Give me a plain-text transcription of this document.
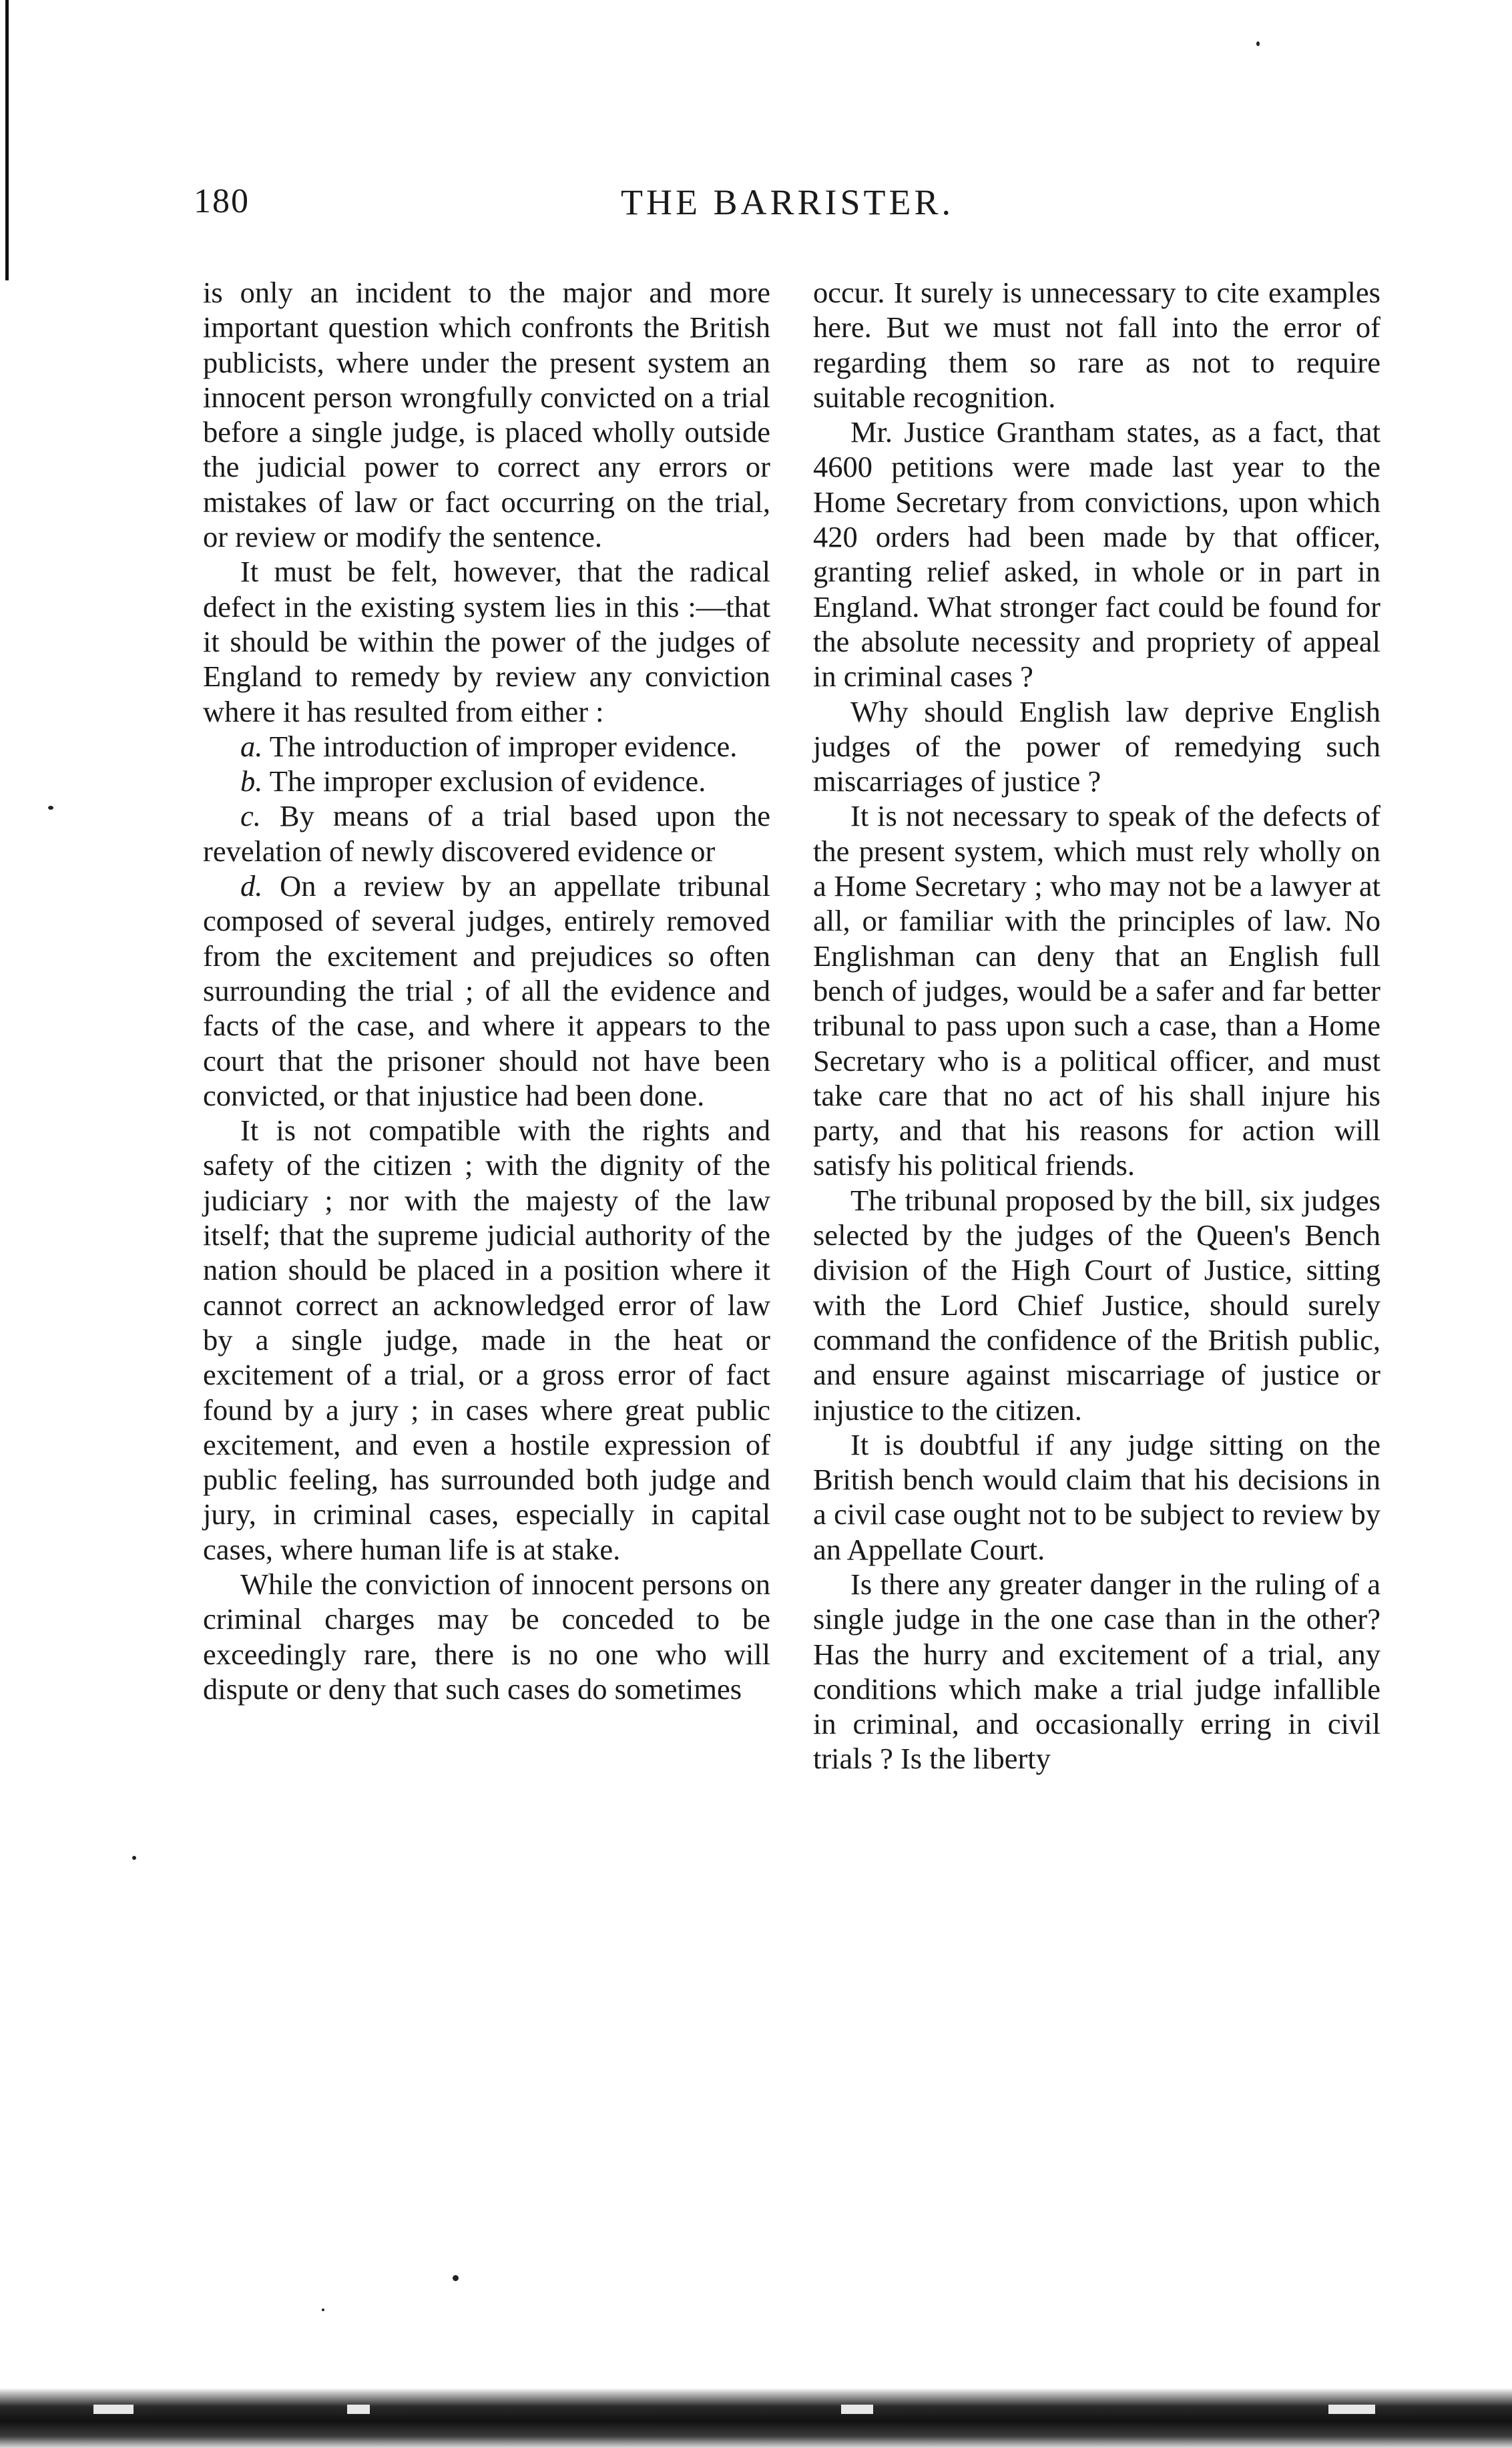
180	THE BARRISTER.

is only an incident to the major and more important question which confronts the British publicists, where under the present system an innocent person wrongfully convicted on a trial before a single judge, is placed wholly outside the judicial power to correct any errors or mistakes of law or fact occurring on the trial, or review or modify the sentence.

It must be felt, however, that the radical defect in the existing system lies in this :—that it should be within the power of the judges of England to remedy by review any conviction where it has resulted from either :

a. The introduction of improper evidence.

b. The improper exclusion of evidence.

c. By means of a trial based upon the revelation of newly discovered evidence or

d. On a review by an appellate tribunal composed of several judges, entirely removed from the excitement and prejudices so often surrounding the trial ; of all the evidence and facts of the case, and where it appears to the court that the prisoner should not have been convicted, or that injustice had been done.

It is not compatible with the rights and safety of the citizen ; with the dignity of the judiciary ; nor with the majesty of the law itself; that the supreme judicial authority of the nation should be placed in a position where it cannot correct an acknowledged error of law by a single judge, made in the heat or excitement of a trial, or a gross error of fact found by a jury ; in cases where great public excitement, and even a hostile expression of public feeling, has surrounded both judge and jury, in criminal cases, especially in capital cases, where human life is at stake.

While the conviction of innocent persons on criminal charges may be conceded to be exceedingly rare, there is no one who will dispute or deny that such cases do sometimes

occur. It surely is unnecessary to cite examples here. But we must not fall into the error of regarding them so rare as not to require suitable recognition.

Mr. Justice Grantham states, as a fact, that 4600 petitions were made last year to the Home Secretary from convictions, upon which 420 orders had been made by that officer, granting relief asked, in whole or in part in England. What stronger fact could be found for the absolute necessity and propriety of appeal in criminal cases ?

Why should English law deprive English judges of the power of remedying such miscarriages of justice ?

It is not necessary to speak of the defects of the present system, which must rely wholly on a Home Secretary ; who may not be a lawyer at all, or familiar with the principles of law. No Englishman can deny that an English full bench of judges, would be a safer and far better tribunal to pass upon such a case, than a Home Secretary who is a political officer, and must take care that no act of his shall injure his party, and that his reasons for action will satisfy his political friends.

The tribunal proposed by the bill, six judges selected by the judges of the Queen's Bench division of the High Court of Justice, sitting with the Lord Chief Justice, should surely command the confidence of the British public, and ensure against miscarriage of justice or injustice to the citizen.

It is doubtful if any judge sitting on the British bench would claim that his decisions in a civil case ought not to be subject to review by an Appellate Court.

Is there any greater danger in the ruling of a single judge in the one case than in the other? Has the hurry and excitement of a trial, any conditions which make a trial judge infallible in criminal, and occasionally erring in civil trials ? Is the liberty
